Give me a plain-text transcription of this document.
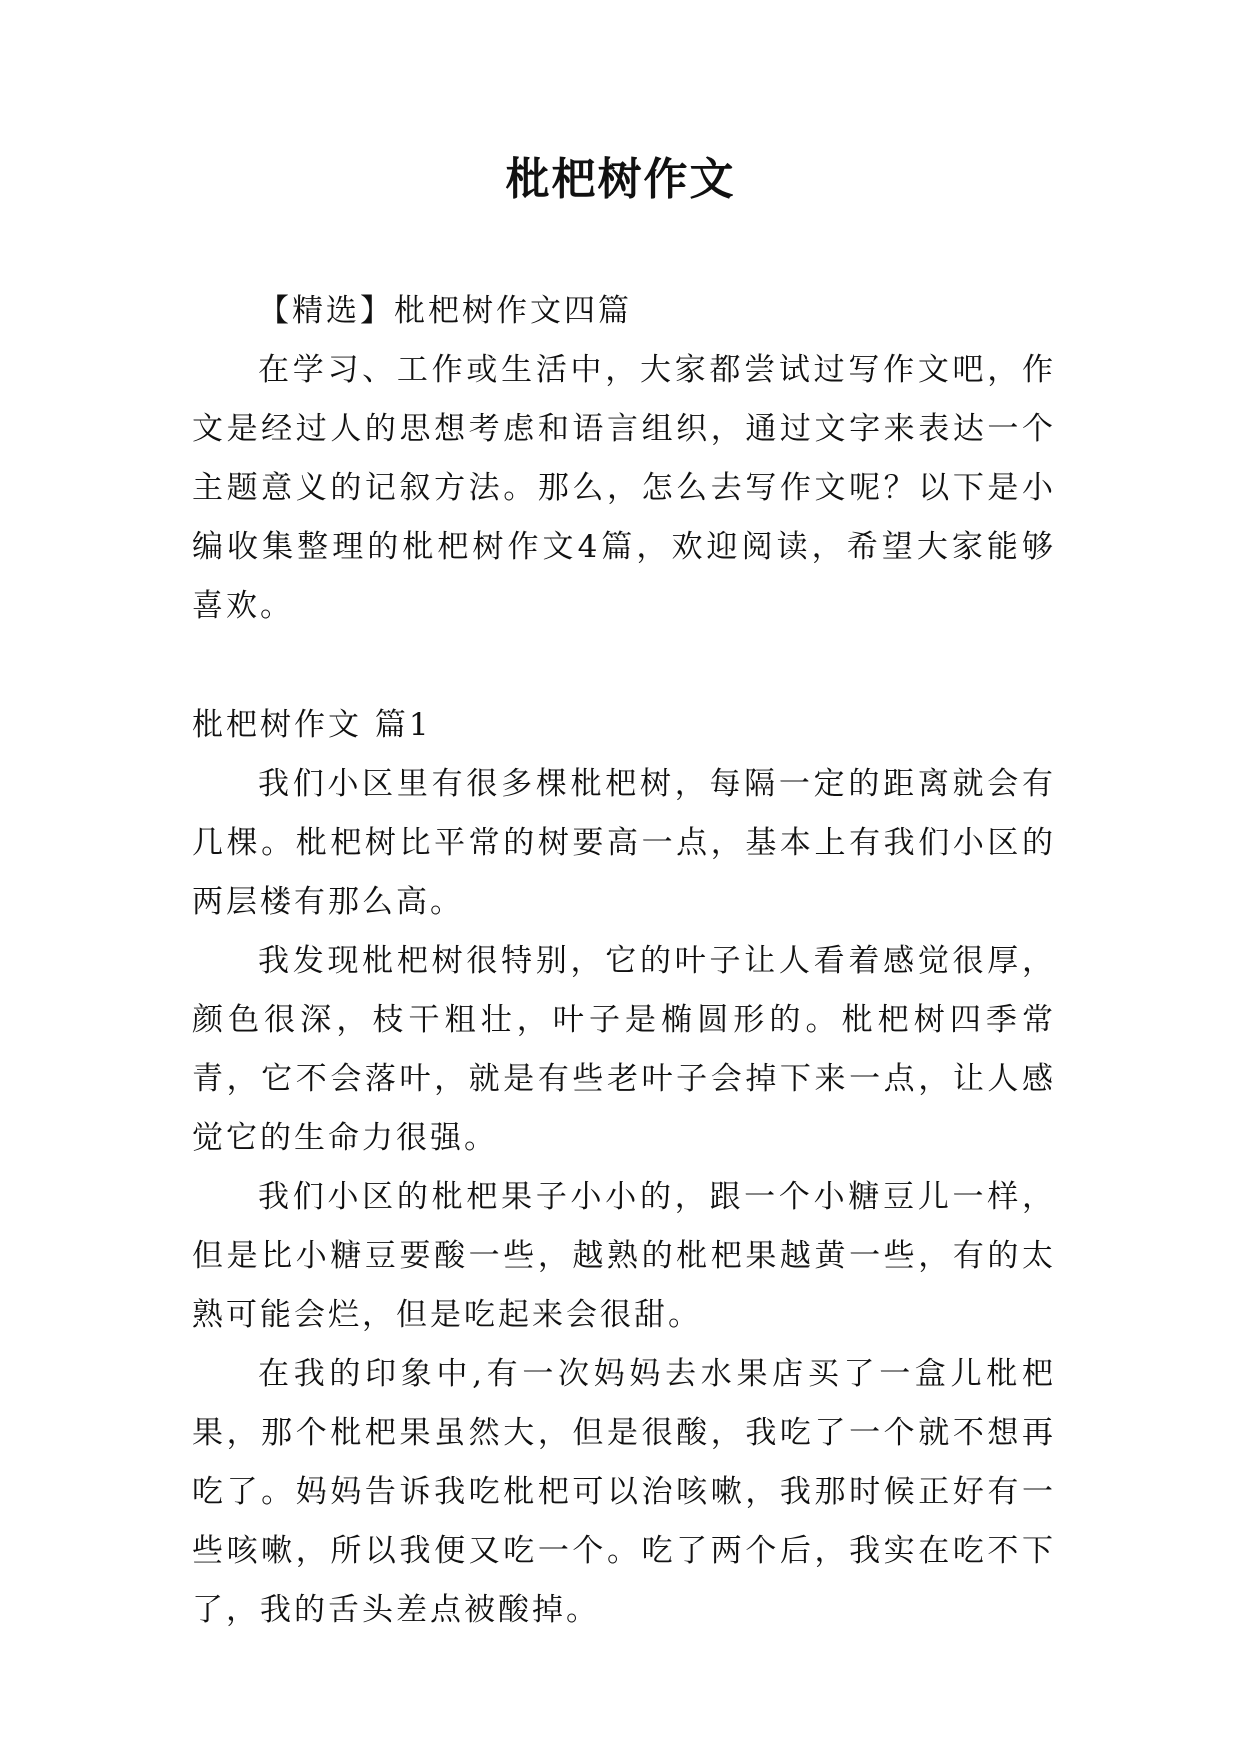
枇杷树作文

【精选】枇杷树作文四篇

在学习、工作或生活中，大家都尝试过写作文吧，作文是经过人的思想考虑和语言组织，通过文字来表达一个主题意义的记叙方法。那么，怎么去写作文呢？以下是小编收集整理的枇杷树作文4篇，欢迎阅读，希望大家能够喜欢。

枇杷树作文 篇1

我们小区里有很多棵枇杷树，每隔一定的距离就会有几棵。枇杷树比平常的树要高一点，基本上有我们小区的两层楼有那么高。

我发现枇杷树很特别，它的叶子让人看着感觉很厚，颜色很深，枝干粗壮，叶子是椭圆形的。枇杷树四季常青，它不会落叶，就是有些老叶子会掉下来一点，让人感觉它的生命力很强。

我们小区的枇杷果子小小的，跟一个小糖豆儿一样，但是比小糖豆要酸一些，越熟的枇杷果越黄一些，有的太熟可能会烂，但是吃起来会很甜。

在我的印象中,有一次妈妈去水果店买了一盒儿枇杷果，那个枇杷果虽然大，但是很酸，我吃了一个就不想再吃了。妈妈告诉我吃枇杷可以治咳嗽，我那时候正好有一些咳嗽，所以我便又吃一个。吃了两个后，我实在吃不下了，我的舌头差点被酸掉。
